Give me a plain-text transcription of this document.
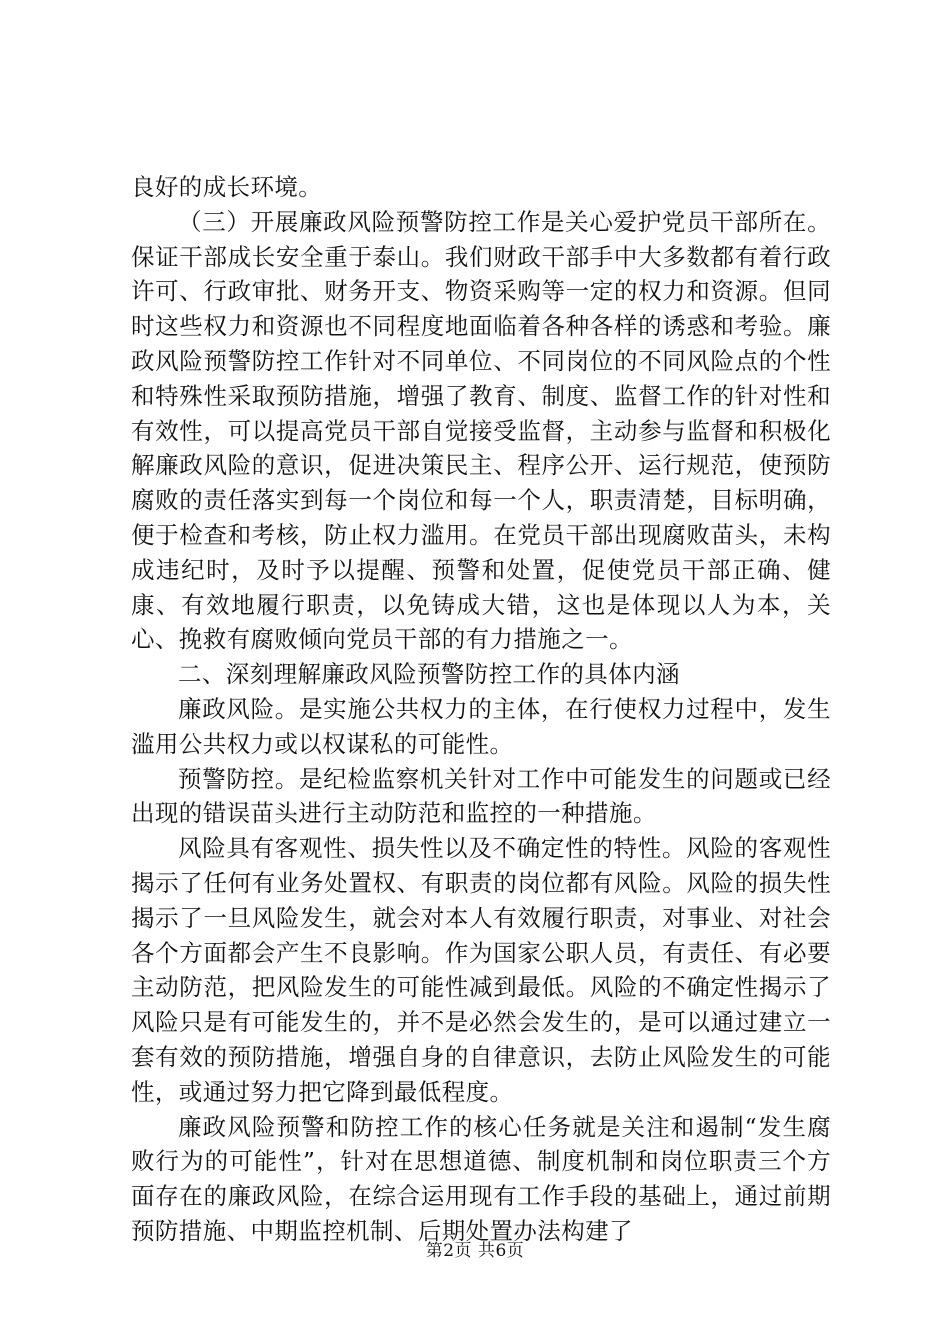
良好的成长环境。

（三）开展廉政风险预警防控工作是关心爱护党员干部所在。保证干部成长安全重于泰山。我们财政干部手中大多数都有着行政许可、行政审批、财务开支、物资采购等一定的权力和资源。但同时这些权力和资源也不同程度地面临着各种各样的诱惑和考验。廉政风险预警防控工作针对不同单位、不同岗位的不同风险点的个性和特殊性采取预防措施，增强了教育、制度、监督工作的针对性和有效性，可以提高党员干部自觉接受监督，主动参与监督和积极化解廉政风险的意识，促进决策民主、程序公开、运行规范，使预防腐败的责任落实到每一个岗位和每一个人，职责清楚，目标明确，便于检查和考核，防止权力滥用。在党员干部出现腐败苗头，未构成违纪时，及时予以提醒、预警和处置，促使党员干部正确、健康、有效地履行职责，以免铸成大错，这也是体现以人为本，关心、挽救有腐败倾向党员干部的有力措施之一。

二、深刻理解廉政风险预警防控工作的具体内涵

廉政风险。是实施公共权力的主体，在行使权力过程中，发生滥用公共权力或以权谋私的可能性。

预警防控。是纪检监察机关针对工作中可能发生的问题或已经出现的错误苗头进行主动防范和监控的一种措施。

风险具有客观性、损失性以及不确定性的特性。风险的客观性揭示了任何有业务处置权、有职责的岗位都有风险。风险的损失性揭示了一旦风险发生，就会对本人有效履行职责，对事业、对社会各个方面都会产生不良影响。作为国家公职人员，有责任、有必要主动防范，把风险发生的可能性减到最低。风险的不确定性揭示了风险只是有可能发生的，并不是必然会发生的，是可以通过建立一套有效的预防措施，增强自身的自律意识，去防止风险发生的可能性，或通过努力把它降到最低程度。

廉政风险预警和防控工作的核心任务就是关注和遏制“发生腐败行为的可能性”，针对在思想道德、制度机制和岗位职责三个方面存在的廉政风险，在综合运用现有工作手段的基础上，通过前期预防措施、中期监控机制、后期处置办法构建了

第2页 共6页
